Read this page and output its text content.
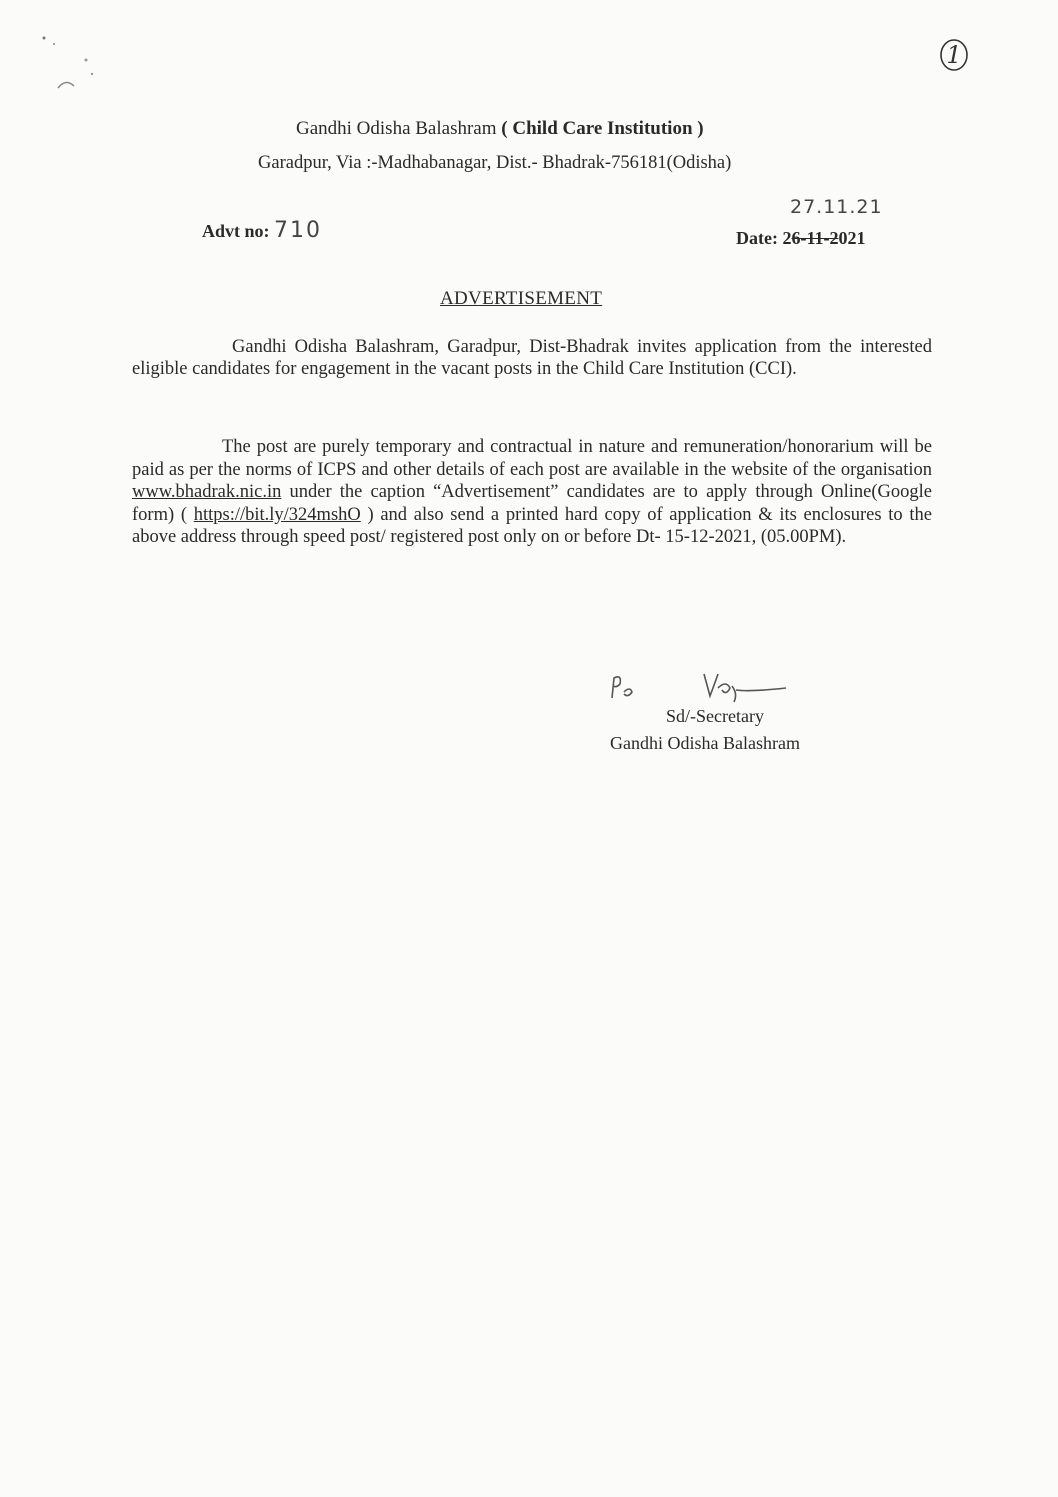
1
Gandhi Odisha Balashram ( Child Care Institution )
Garadpur, Via :-Madhabanagar, Dist.- Bhadrak-756181(Odisha)
Advt no: 710
27.11.21
Date: 26-11-2021
ADVERTISEMENT

Gandhi Odisha Balashram, Garadpur, Dist-Bhadrak invites application from the interested eligible candidates for engagement in the vacant posts in the Child Care Institution (CCI).

The post are purely temporary and contractual in nature and remuneration/honorarium will be paid as per the norms of ICPS and other details of each post are available in the website of the organisation www.bhadrak.nic.in under the caption “Advertisement” candidates are to apply through Online(Google form) ( https://bit.ly/324mshO ) and also send a printed hard copy of application & its enclosures to the above address through speed post/ registered post only on or before Dt- 15-12-2021, (05.00PM).

Rs Vtayi
Sd/-Secretary
Gandhi Odisha Balashram
